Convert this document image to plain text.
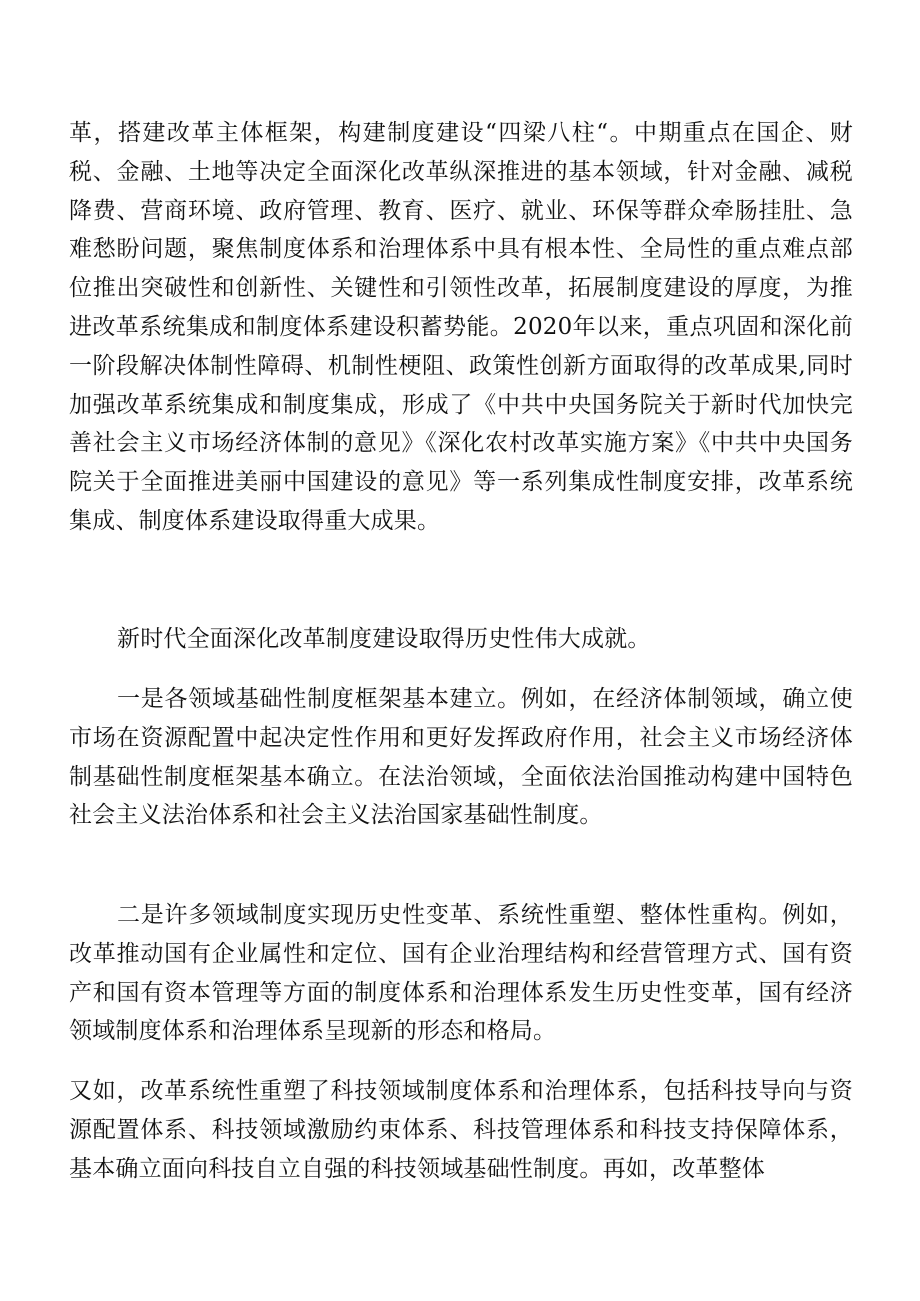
革，搭建改革主体框架，构建制度建设“四梁八柱“。中期重点在国企、财税、金融、土地等决定全面深化改革纵深推进的基本领域，针对金融、减税降费、营商环境、政府管理、教育、医疗、就业、环保等群众牵肠挂肚、急难愁盼问题，聚焦制度体系和治理体系中具有根本性、全局性的重点难点部位推出突破性和创新性、关键性和引领性改革，拓展制度建设的厚度，为推进改革系统集成和制度体系建设积蓄势能。2020年以来，重点巩固和深化前一阶段解决体制性障碍、机制性梗阻、政策性创新方面取得的改革成果,同时加强改革系统集成和制度集成，形成了《中共中央国务院关于新时代加快完善社会主义市场经济体制的意见》《深化农村改革实施方案》《中共中央国务院关于全面推进美丽中国建设的意见》等一系列集成性制度安排，改革系统集成、制度体系建设取得重大成果。

新时代全面深化改革制度建设取得历史性伟大成就。

一是各领域基础性制度框架基本建立。例如，在经济体制领域，确立使市场在资源配置中起决定性作用和更好发挥政府作用，社会主义市场经济体制基础性制度框架基本确立。在法治领域，全面依法治国推动构建中国特色社会主义法治体系和社会主义法治国家基础性制度。

二是许多领域制度实现历史性变革、系统性重塑、整体性重构。例如，改革推动国有企业属性和定位、国有企业治理结构和经营管理方式、国有资产和国有资本管理等方面的制度体系和治理体系发生历史性变革，国有经济领域制度体系和治理体系呈现新的形态和格局。

又如，改革系统性重塑了科技领域制度体系和治理体系，包括科技导向与资源配置体系、科技领域激励约束体系、科技管理体系和科技支持保障体系，基本确立面向科技自立自强的科技领域基础性制度。再如，改革整体
